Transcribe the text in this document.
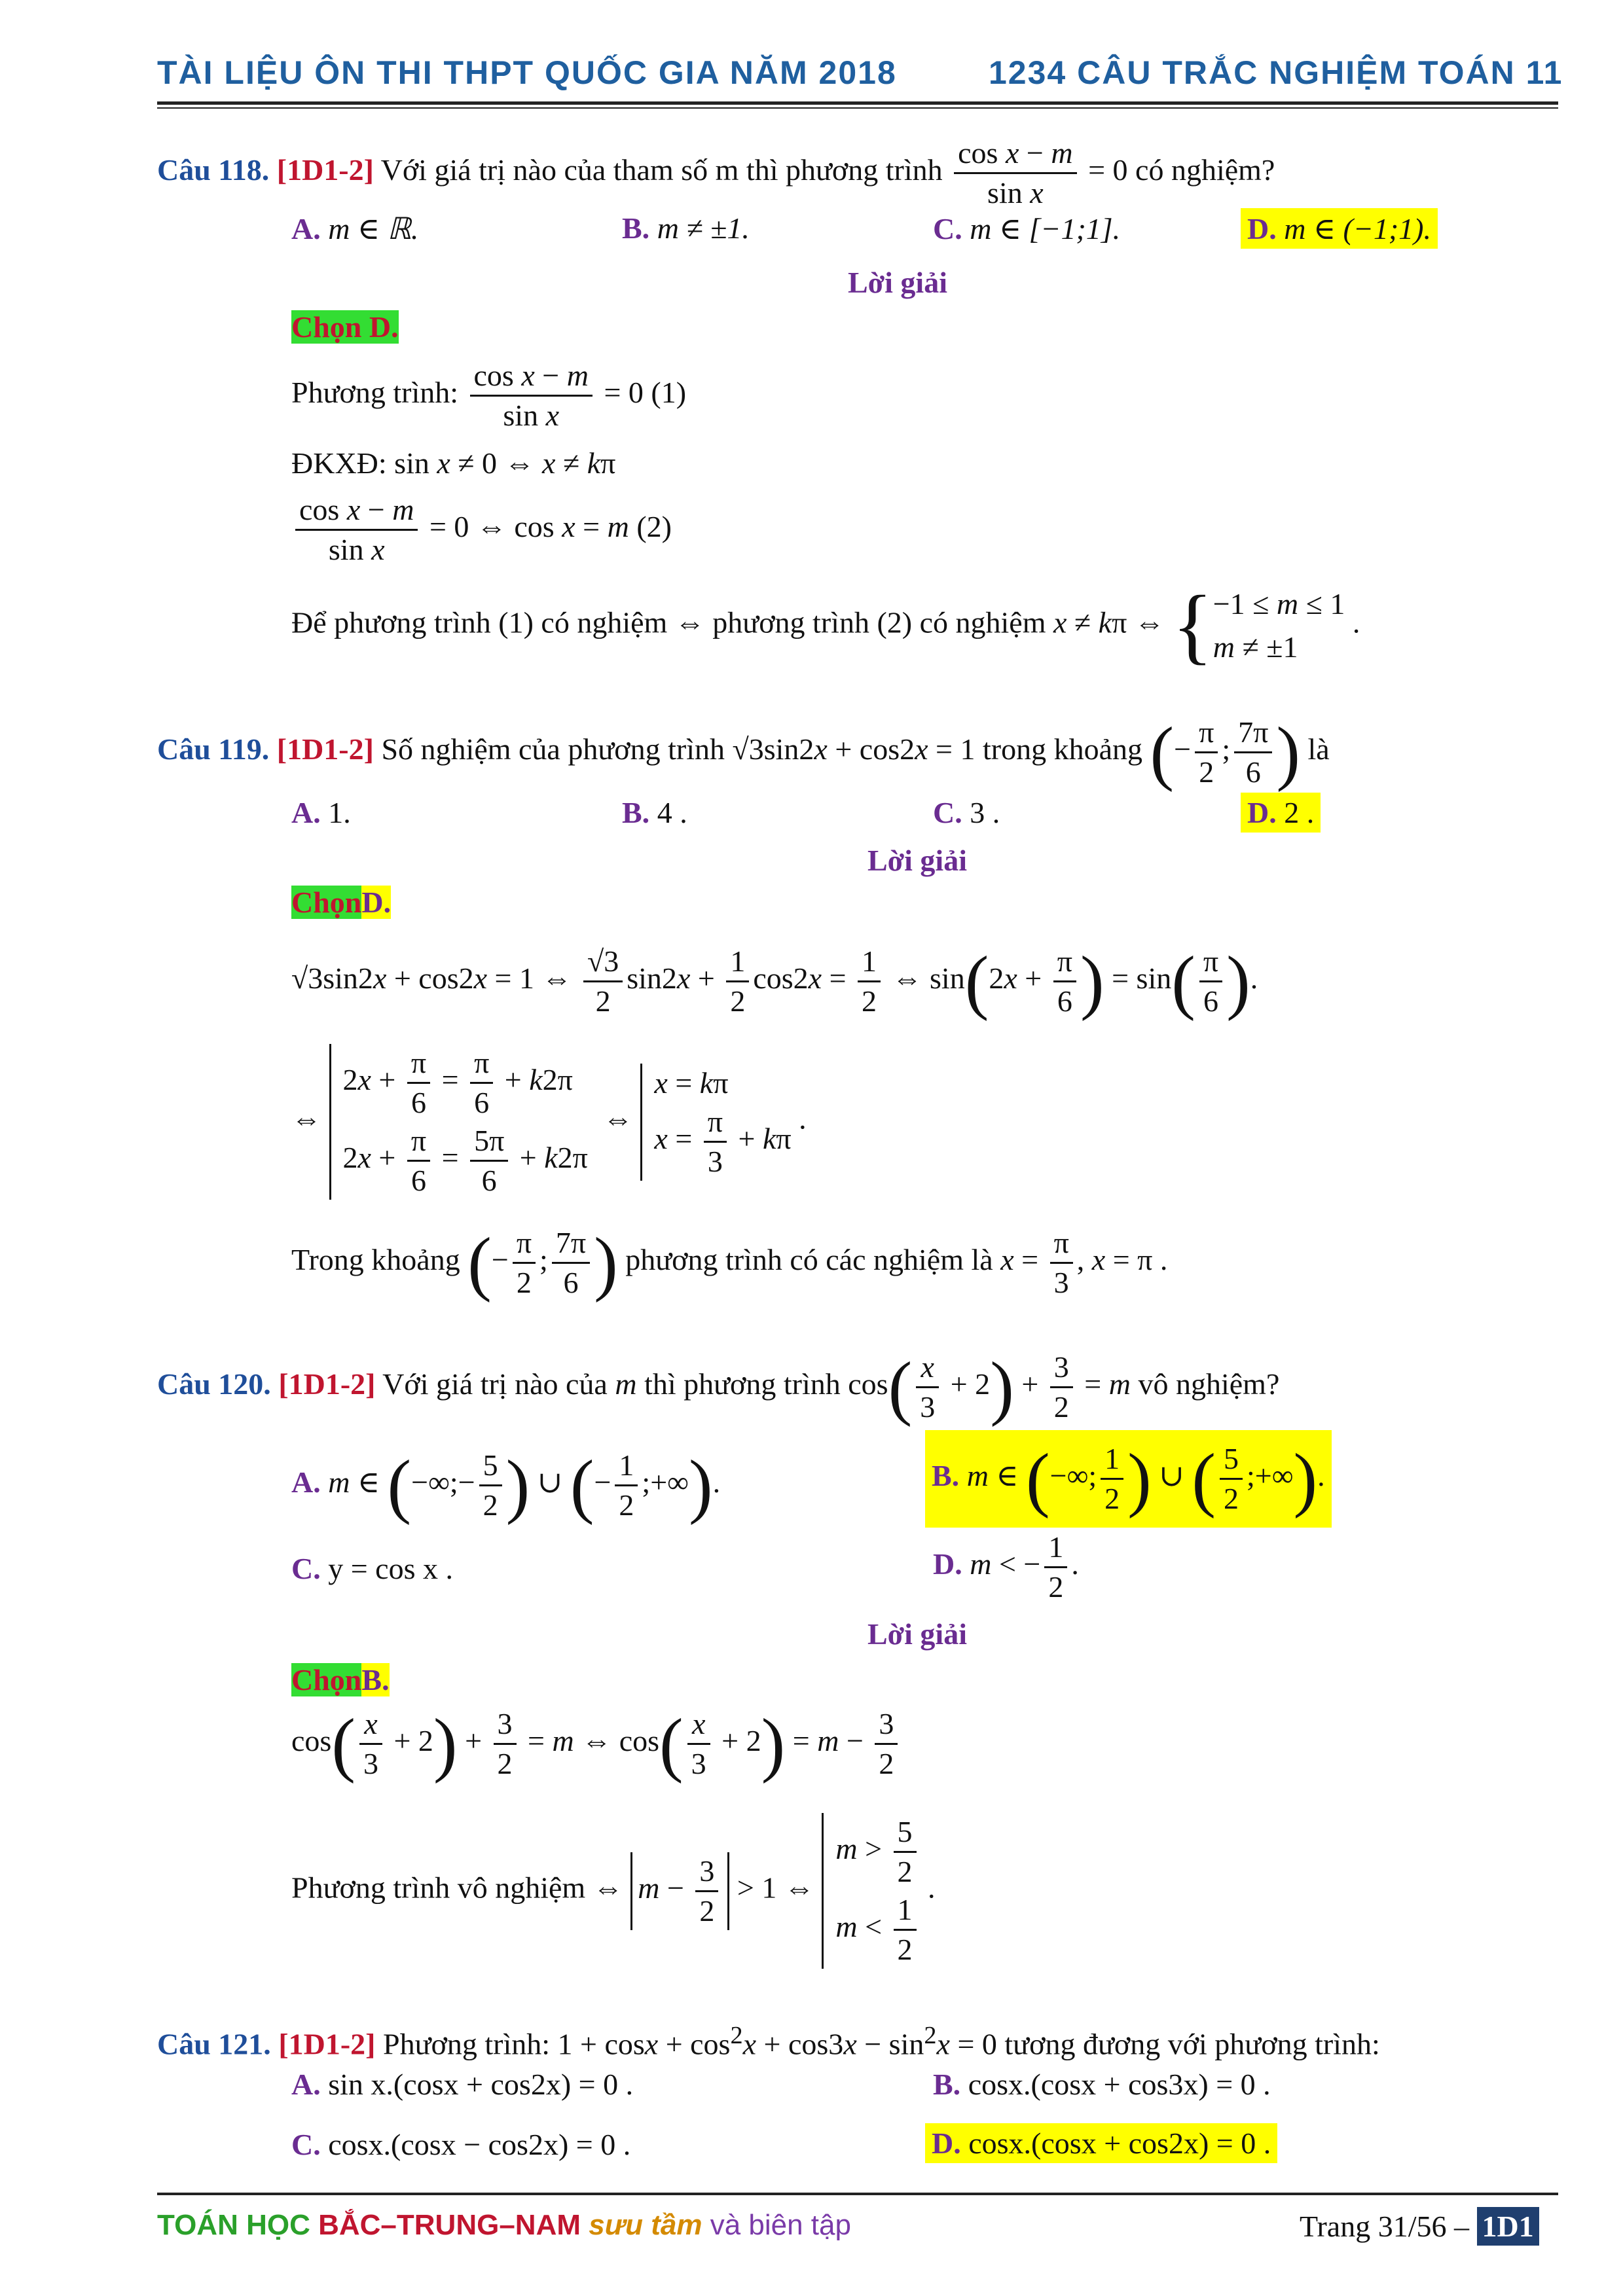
TÀI LIỆU ÔN THI THPT QUỐC GIA NĂM 2018	1234 CÂU TRẮC NGHIỆM TOÁN 11
Câu 118. [1D1-2] Với giá trị nào của tham số m thì phương trình $\frac{\text{cos x − m}}{\text{sin x}} = 0$ có nghiệm?
A. m ∈ ℝ.	B. m ≠ ±1.	C. m ∈ [−1;1].	D. m ∈ (−1;1).
Lời giải
Chọn D.
Phương trình: $\frac{\text{cos x − m}}{\text{sin x}} = 0$ (1)
ĐKXĐ: sin x ≠ 0 ⇔ x ≠ kπ
$\frac{\text{cos x − m}}{\text{sin x}} = 0$ ⇔ cos x = m (2)
Để phương trình (1) có nghiệm ⇔ phương trình (2) có nghiệm x ≠ kπ ⇔ {−1 ≤ m ≤ 1
m ≠ ±1 .
Câu 119. [1D1-2] Số nghiệm của phương trình √3sin2x + cos2x = 1 trong khoảng (− $\frac{\pi}{2}$ ; $\frac{7\pi}{6}$ ) là
A. 1.	B. 4 .	C. 3 .	D. 2 .
Lời giải
ChọnD.
√3sin2x + cos2x = 1 ⇔ $\frac{√3}{2} \sin 2x + \frac{1}{2} \cos 2x = \frac{1}{2}$ ⇔ $\sin(2x + \frac{\pi}{6}$ ) = $\sin( \frac{\pi}{6}$ ).
⇔ $2x + \frac{\pi}{6} = \frac{\pi}{6} + k2\pi$
$2x + \frac{\pi}{6} = \frac{5\pi}{6} + k2\pi$  ⇔ x = kπ
$x = \frac{\pi}{3} + k\pi$ .
Trong khoảng (− $\frac{\pi}{2}$ ; $\frac{7\pi}{6}$ ) phương trình có các nghiệm là $x = \frac{\pi}{3}$ , x = π .
Câu 120. [1D1-2] Với giá trị nào của m thì phương trình $\cos( \frac{x}{3} + 2) + \frac{3}{2} = m$ vô nghiệm?
A. m ∈ (−∞;− $\frac{5}{2}$ ) ∪ (− $\frac{1}{2}$ ;+∞).	B. m ∈ (−∞; $\frac{1}{2}$ ) ∪ ( $\frac{5}{2}$ ;+∞).
C. y = cos x .	D. m < − $\frac{1}{2}$ .
Lời giải
ChọnB.
$\cos( \frac{x}{3} + 2) + \frac{3}{2} = m$ ⇔ $\cos( \frac{x}{3} + 2) = m - \frac{3}{2}$
Phương trình vô nghiệm ⇔ $m - \frac{3}{2} > 1$ ⇔ $m > \frac{5}{2}$

$m < \frac{1}{2}$
.
Câu 121. [1D1-2] Phương trình: $1 + \cos x + \cos^2x + \cos 3x - \sin^2x = 0$ tương đương với phương trình:
A. sin x.(cosx + cos2x) = 0 .	B. cosx.(cosx + cos3x) = 0 .
C. cosx.(cosx − cos2x) = 0 .	D. cosx.(cosx + cos2x) = 0 .
TOÁN HỌC BẮC–TRUNG–NAM sưu tầm và biên tập	Trang 31/56 – 1D1
